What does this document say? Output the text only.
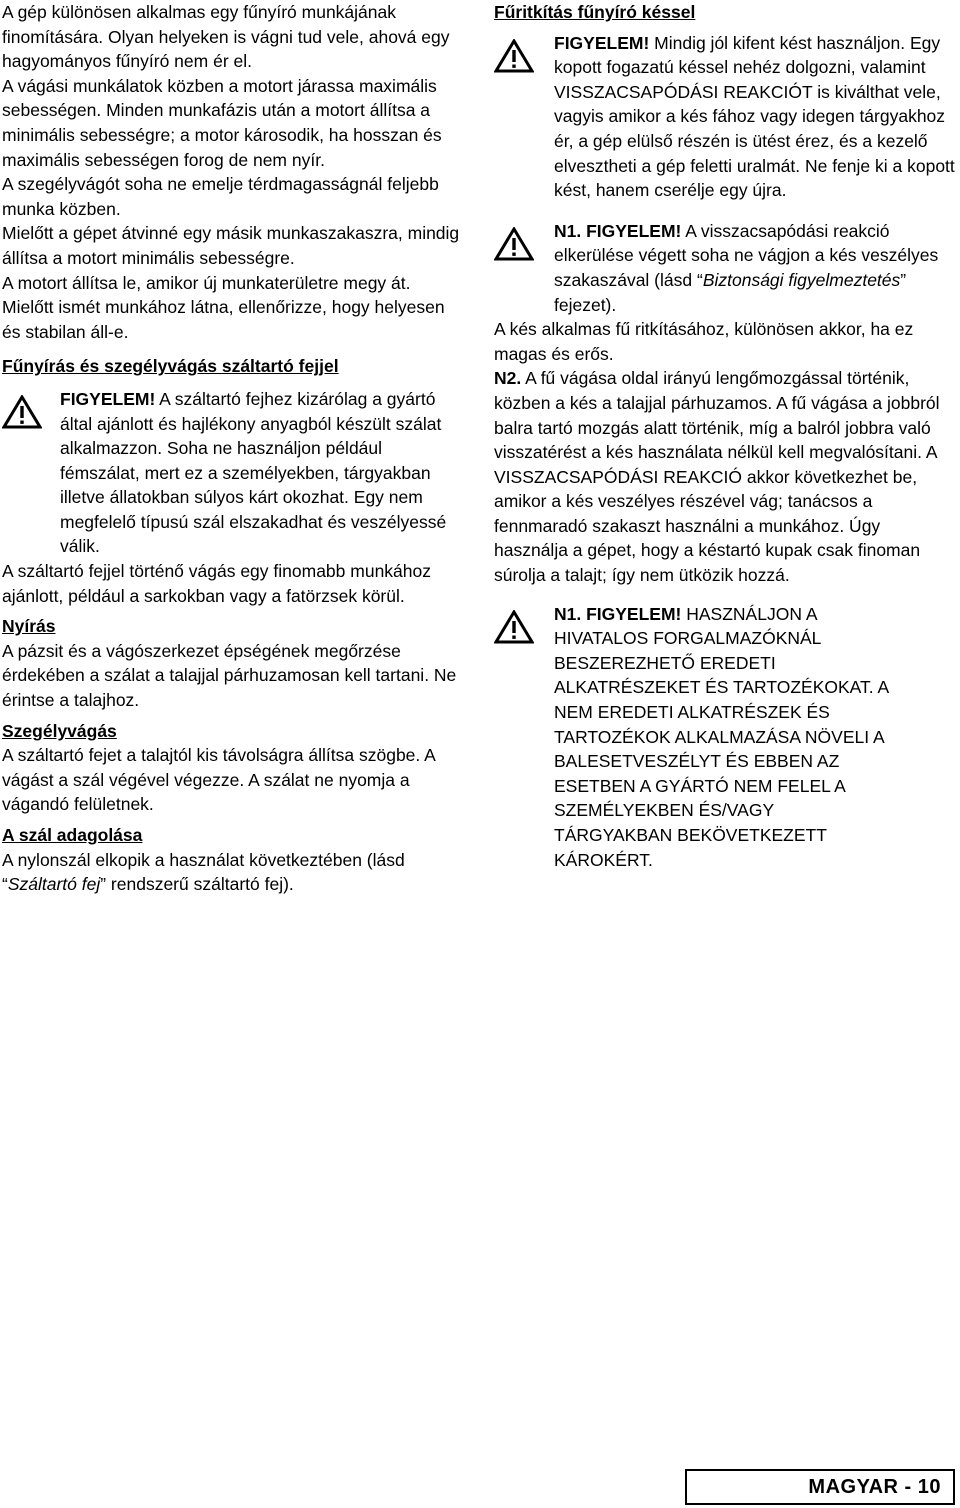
A gép különösen alkalmas egy fűnyíró munkájának finomítására. Olyan helyeken is vágni tud vele, ahová egy hagyományos fűnyíró nem ér el.

A vágási munkálatok közben a motort járassa maximális sebességen. Minden munkafázis után a motort állítsa a minimális sebességre; a motor károsodik, ha hosszan és maximális sebességen forog de nem nyír.

A szegélyvágót soha ne emelje térdmagasságnál feljebb munka közben.

Mielőtt a gépet átvinné egy másik munkaszakaszra, mindig állítsa a motort minimális sebességre.

A motort állítsa le, amikor új munkaterületre megy át.

Mielőtt ismét munkához látna, ellenőrizze, hogy helyesen és stabilan áll-e.

Fűnyírás és szegélyvágás száltartó fejjel
FIGYELEM! A száltartó fejhez kizárólag a gyártó által ajánlott és hajlékony anyagból készült szálat alkalmazzon. Soha ne használjon például fémszálat, mert ez a személyekben, tárgyakban illetve állatokban súlyos kárt okozhat. Egy nem megfelelő típusú szál elszakadhat és veszélyessé válik.

A száltartó fejjel történő vágás egy finomabb munkához ajánlott, például a sarkokban vagy a fatörzsek körül.

Nyírás

A pázsit és a vágószerkezet épségének megőrzése érdekében a szálat a talajjal párhuzamosan kell tartani. Ne érintse a talajhoz.

Szegélyvágás

A száltartó fejet a talajtól kis távolságra állítsa szögbe. A vágást a szál végével végezze. A szálat ne nyomja a vágandó felületnek.

A szál adagolása

A nylonszál elkopik a használat következtében (lásd “Száltartó fej” rendszerű száltartó fej).

Fűritkítás fűnyíró késsel
FIGYELEM! Mindig jól kifent kést használjon. Egy kopott fogazatú késsel nehéz dolgozni, valamint VISSZACSAPÓDÁSI REAKCIÓT is kiválthat vele, vagyis amikor a kés fához vagy idegen tárgyakhoz ér, a gép elülső részén is ütést érez, és a kezelő elvesztheti a gép feletti uralmát. Ne fenje ki a kopott kést, hanem cserélje egy újra.
N1. FIGYELEM! A visszacsapódási reakció elkerülése végett soha ne vágjon a kés veszélyes szakaszával (lásd “Biztonsági figyelmeztetés” fejezet).

A kés alkalmas fű ritkításához, különösen akkor, ha ez magas és erős.

N2. A fű vágása oldal irányú lengőmozgással történik, közben a kés a talajjal párhuzamos. A fű vágása a jobbról balra tartó mozgás alatt történik, míg a balról jobbra való visszatérést a kés használata nélkül kell megvalósítani. A VISSZACSAPÓDÁSI REAKCIÓ akkor következhet be, amikor a kés veszélyes részével vág; tanácsos a fennmaradó szakaszt használni a munkához. Úgy használja a gépet, hogy a késtartó kupak csak finoman súrolja a talajt; így nem ütközik hozzá.

N1. FIGYELEM! HASZNÁLJON A HIVATALOS FORGALMAZÓKNÁL BESZEREZHETŐ EREDETI ALKATRÉSZEKET ÉS TARTOZÉKOKAT. A NEM EREDETI ALKATRÉSZEK ÉS TARTOZÉKOK ALKALMAZÁSA NÖVELI A BALESETVESZÉLYT ÉS EBBEN AZ ESETBEN A GYÁRTÓ NEM FELEL A SZEMÉLYEKBEN ÉS/VAGY TÁRGYAKBAN BEKÖVETKEZETT KÁROKÉRT.
MAGYAR - 10
